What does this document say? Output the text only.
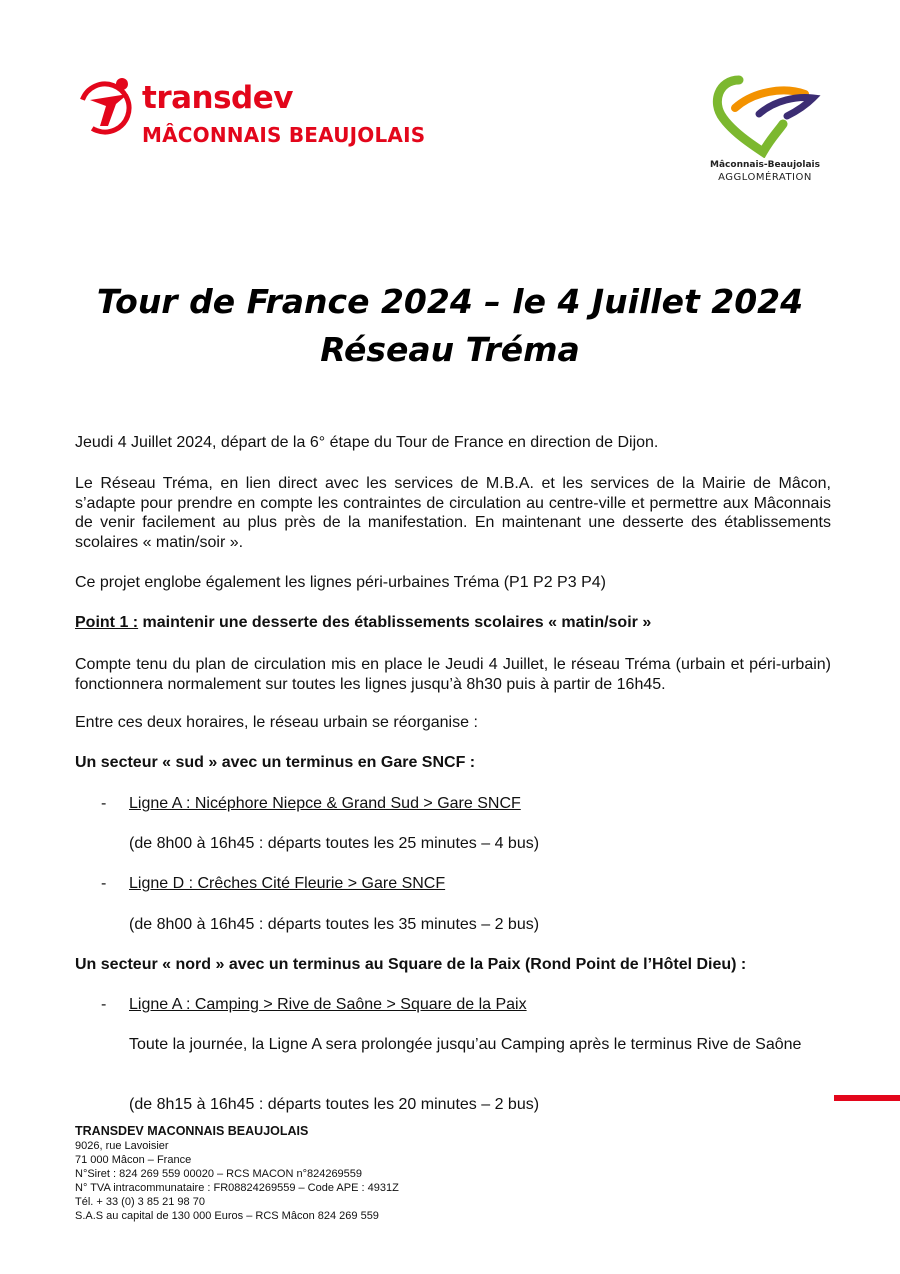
transdev
MÂCONNAIS BEAUJOLAIS
Mâconnais-Beaujolais
AGGLOMÉRATION
Tour de France 2024 – le 4 Juillet 2024
Réseau Tréma

Jeudi 4 Juillet 2024, départ de la 6° étape du Tour de France en direction de Dijon.

Le Réseau Tréma, en lien direct avec les services de M.B.A. et les services de la Mairie de Mâcon, s’adapte pour prendre en compte les contraintes de circulation au centre-ville et permettre aux Mâconnais de venir facilement au plus près de la manifestation. En maintenant une desserte des établissements scolaires « matin/soir ».

Ce projet englobe également les lignes péri-urbaines Tréma (P1 P2 P3 P4)

Point 1 : maintenir une desserte des établissements scolaires « matin/soir »

Compte tenu du plan de circulation mis en place le Jeudi 4 Juillet, le réseau Tréma (urbain et péri-urbain) fonctionnera normalement sur toutes les lignes jusqu’à 8h30 puis à partir de 16h45.

Entre ces deux horaires, le réseau urbain se réorganise :

Un secteur « sud » avec un terminus en Gare SNCF :

- Ligne A : Nicéphore Niepce & Grand Sud > Gare SNCF

(de 8h00 à 16h45 : départs toutes les 25 minutes – 4 bus)

- Ligne D : Crêches Cité Fleurie > Gare SNCF

(de 8h00 à 16h45 : départs toutes les 35 minutes – 2 bus)

Un secteur « nord » avec un terminus au Square de la Paix (Rond Point de l’Hôtel Dieu) :

- Ligne A : Camping > Rive de Saône > Square de la Paix

Toute la journée, la Ligne A sera prolongée jusqu’au Camping après le terminus Rive de Saône

(de 8h15 à 16h45 : départs toutes les 20 minutes – 2 bus)

TRANSDEV MACONNAIS BEAUJOLAIS
9026, rue Lavoisier
71 000 Mâcon – France
N°Siret : 824 269 559 00020 – RCS MACON n°824269559
N° TVA intracommunataire : FR08824269559 – Code APE : 4931Z
Tél. + 33 (0) 3 85 21 98 70
S.A.S au capital de 130 000 Euros – RCS Mâcon 824 269 559
